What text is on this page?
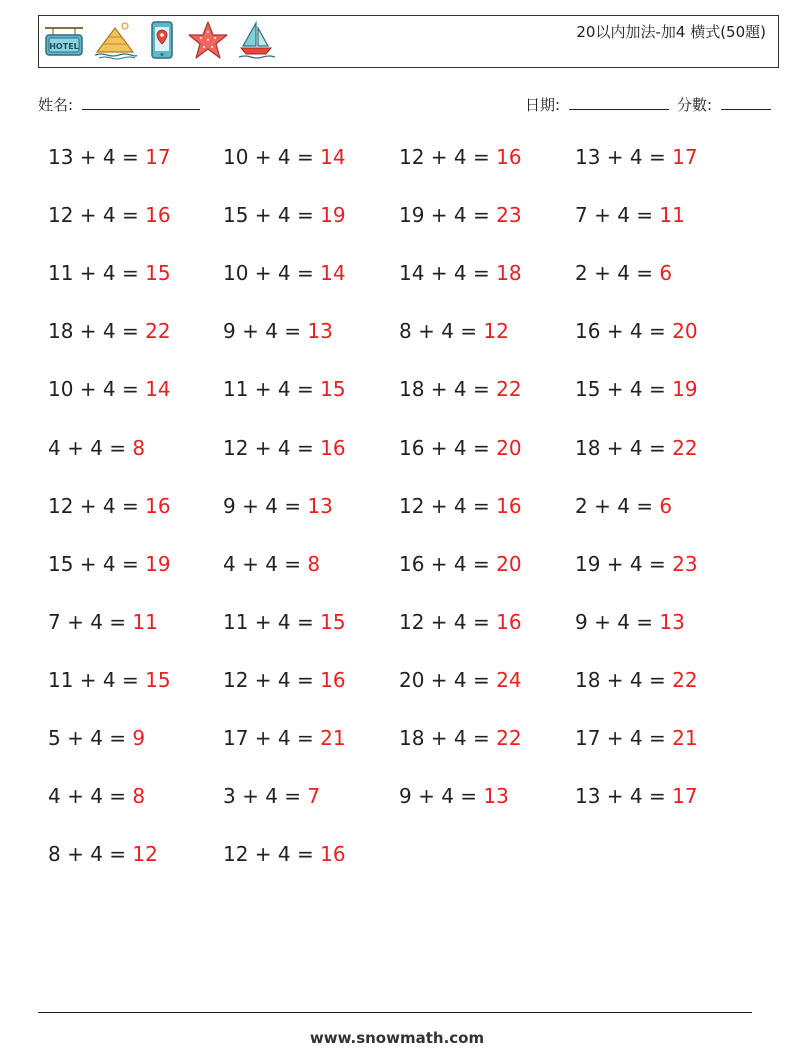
HOTEL
20以内加法-加4 横式(50題)
姓名:	日期:	分數:
13 + 4 = 17	10 + 4 = 14	12 + 4 = 16	13 + 4 = 17
12 + 4 = 16	15 + 4 = 19	19 + 4 = 23	7 + 4 = 11
11 + 4 = 15	10 + 4 = 14	14 + 4 = 18	2 + 4 = 6
18 + 4 = 22	9 + 4 = 13	8 + 4 = 12	16 + 4 = 20
10 + 4 = 14	11 + 4 = 15	18 + 4 = 22	15 + 4 = 19
4 + 4 = 8	12 + 4 = 16	16 + 4 = 20	18 + 4 = 22
12 + 4 = 16	9 + 4 = 13	12 + 4 = 16	2 + 4 = 6
15 + 4 = 19	4 + 4 = 8	16 + 4 = 20	19 + 4 = 23
7 + 4 = 11	11 + 4 = 15	12 + 4 = 16	9 + 4 = 13
11 + 4 = 15	12 + 4 = 16	20 + 4 = 24	18 + 4 = 22
5 + 4 = 9	17 + 4 = 21	18 + 4 = 22	17 + 4 = 21
4 + 4 = 8	3 + 4 = 7	9 + 4 = 13	13 + 4 = 17
8 + 4 = 12	12 + 4 = 16
www.snowmath.com
